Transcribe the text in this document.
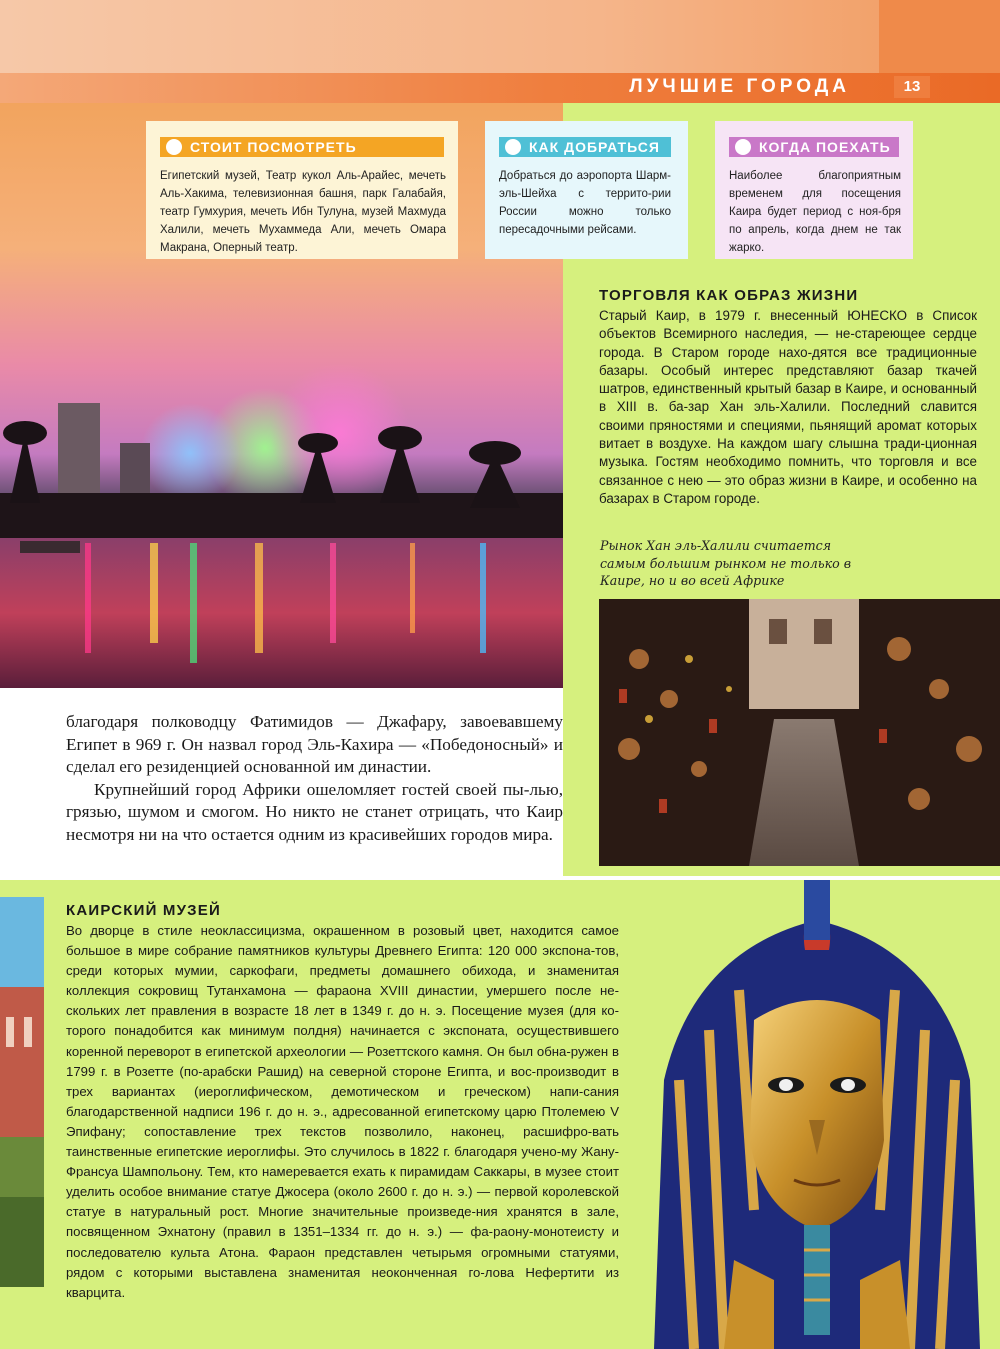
ЛУЧШИЕ ГОРОДА	13
СТОИТ ПОСМОТРЕТЬ
Египетский музей, Театр кукол Аль-Арайес, мечеть Аль-Хакима, телевизионная башня, парк Галабайя, театр Гумхурия, мечеть Ибн Тулуна, музей Махмуда Халили, мечеть Мухаммеда Али, мечеть Омара Макрана, Оперный театр.
КАК ДОБРАТЬСЯ
Добраться до аэропорта Шарм-эль-Шейха с террито-рии России можно только пересадочными рейсами.
КОГДА ПОЕХАТЬ
Наиболее благоприятным временем для посещения Каира будет период с ноя-бря по апрель, когда днем не так жарко.
ТОРГОВЛЯ КАК ОБРАЗ ЖИЗНИ
Старый Каир, в 1979 г. внесенный ЮНЕСКО в Список объектов Всемирного наследия, — не-стареющее сердце города. В Старом городе нахо-дятся все традиционные базары. Особый интерес представляют базар ткачей шатров, единственный крытый базар в Каире, и основанный в XIII в. ба-зар Хан эль-Халили. Последний славится своими пряностями и специями, пьянящий аромат которых витает в воздухе. На каждом шагу слышна тради-ционная музыка. Гостям необходимо помнить, что торговля и все связанное с нею — это образ жизни в Каире, и особенно на базарах в Старом городе.
Рынок Хан эль-Халили считается самым большим рынком не только в Каире, но и во всей Африке

благодаря полководцу Фатимидов — Джафару, завоевавшему Египет в 969 г. Он назвал город Эль-Кахира — «Победоносный» и сделал его резиденцией основанной им династии.

Крупнейший город Африки ошеломляет гостей своей пы-лью, грязью, шумом и смогом. Но никто не станет отрицать, что Каир несмотря ни на что остается одним из красивейших городов мира.

КАИРСКИЙ МУЗЕЙ
Во дворце в стиле неоклассицизма, окрашенном в розовый цвет, находится самое большое в мире собрание памятников культуры Древнего Египта: 120 000 экспона-тов, среди которых мумии, саркофаги, предметы домашнего обихода, и знаменитая коллекция сокровищ Тутанхамона — фараона XVIII династии, умершего после не-скольких лет правления в возрасте 18 лет в 1349 г. до н. э. Посещение музея (для ко-торого понадобится как минимум полдня) начинается с экспоната, осуществившего коренной переворот в египетской археологии — Розеттского камня. Он был обна-ружен в 1799 г. в Розетте (по-арабски Рашид) на северной стороне Египта, и вос-производит в трех вариантах (иероглифическом, демотическом и греческом) напи-сания благодарственной надписи 196 г. до н. э., адресованной египетскому царю Птолемею V Эпифану; сопоставление трех текстов позволило, наконец, расшифро-вать таинственные египетские иероглифы. Это случилось в 1822 г. благодаря учено-му Жану-Франсуа Шампольону. Тем, кто намеревается ехать к пирамидам Саккары, в музее стоит уделить особое внимание статуе Джосера (около 2600 г. до н. э.) — первой королевской статуе в натуральный рост. Многие значительные произведе-ния хранятся в зале, посвященном Эхнатону (правил в 1351–1334 гг. до н. э.) — фа-раону-монотеисту и последователю культа Атона. Фараон представлен четырьмя огромными статуями, рядом с которыми выставлена знаменитая неоконченная го-лова Нефертити из кварцита.
